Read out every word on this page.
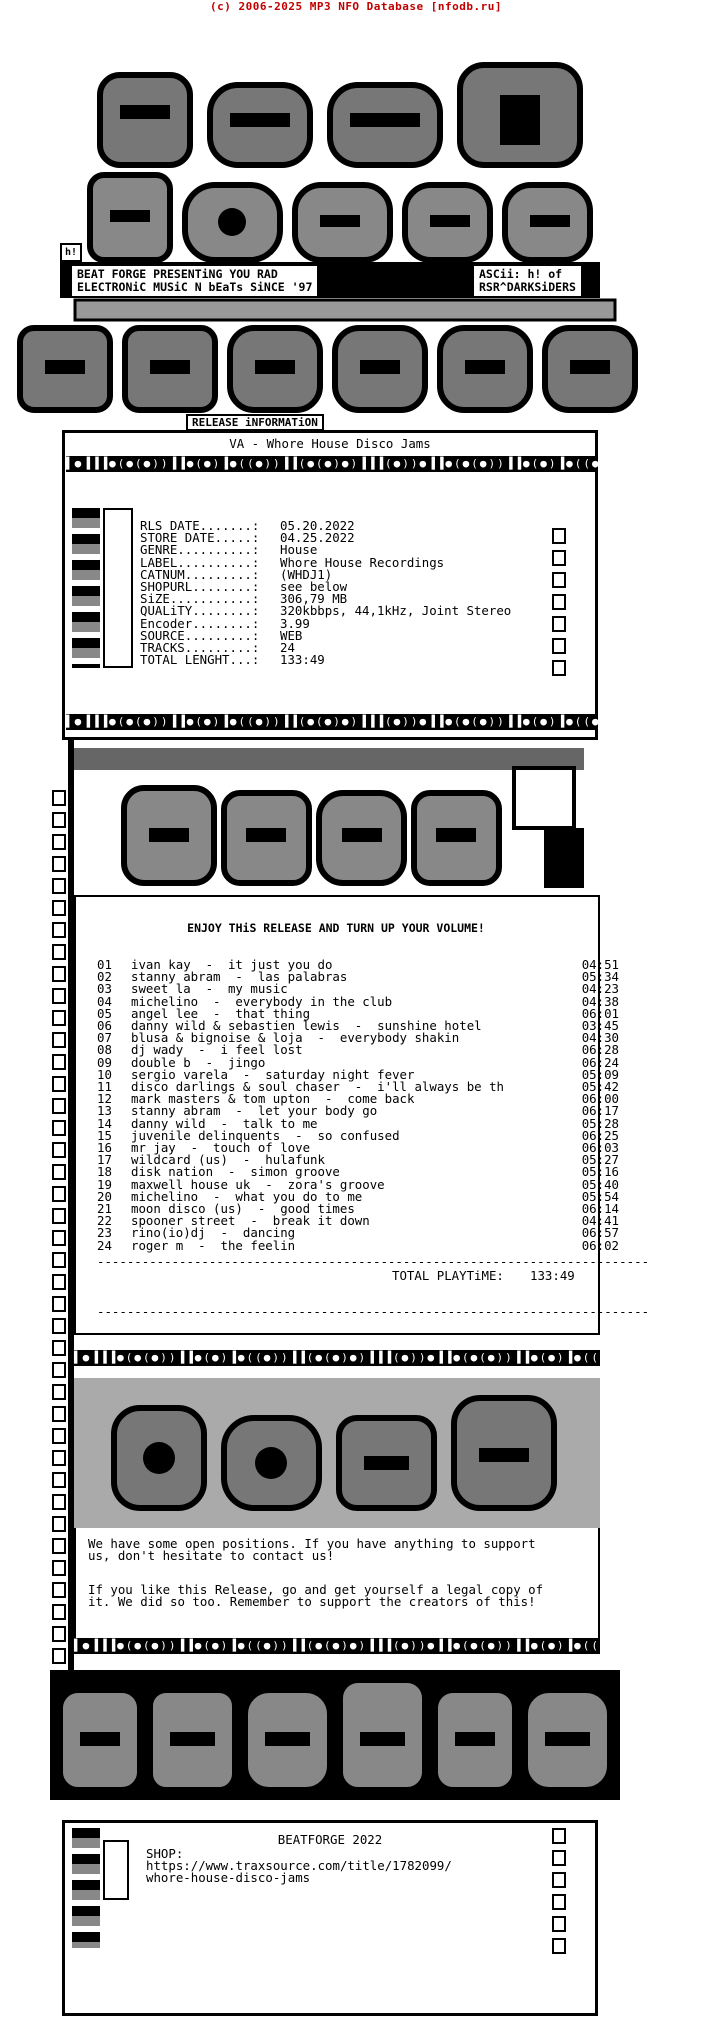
(c) 2006-2025 MP3 NFO Database [nfodb.ru]
h!
BEAT FORGE PRESENTiNG YOU RAD
ELECTRONiC MUSiC N bEaTs SiNCE '97
ASCii: h! of
RSR^DARKSiDERS
RELEASE iNFORMATiON
VA - Whore House Disco Jams
▌●▐▐▐●(●(●))▐▐●(●)▐●((●))▐▐(●(●)●)▐▐▐(●))●▐▐●(●(●))▐▐●(●)▐●((●))
RLS DATE.......: 05.20.2022
STORE DATE.....: 04.25.2022
GENRE..........: House
LABEL..........: Whore House Recordings
CATNUM.........: (WHDJ1)
SHOPURL........: see below
SiZE...........: 306,79 MB
QUALiTY........: 320kbbps, 44,1kHz, Joint Stereo
Encoder........: 3.99
SOURCE.........: WEB
TRACKS.........: 24
TOTAL LENGHT...: 133:49
▌●▐▐▐●(●(●))▐▐●(●)▐●((●))▐▐(●(●)●)▐▐▐(●))●▐▐●(●(●))▐▐●(●)▐●((●))
ENJOY THiS RELEASE AND TURN UP YOUR VOLUME!
01	ivan kay  -  it just you do	04:51
02	stanny abram  -  las palabras	05:34
03	sweet la  -  my music	04:23
04	michelino  -  everybody in the club	04:38
05	angel lee  -  that thing	06:01
06	danny wild & sebastien lewis  -  sunshine hotel	03:45
07	blusa & bignoise & loja  -  everybody shakin	04:30
08	dj wady  -  i feel lost	06:28
09	double b  -  jingo	06:24
10	sergio varela  -  saturday night fever	05:09
11	disco darlings & soul chaser  -  i'll always be th	05:42
12	mark masters & tom upton  -  come back	06:00
13	stanny abram  -  let your body go	06:17
14	danny wild  -  talk to me	05:28
15	juvenile delinquents  -  so confused	06:25
16	mr jay  -  touch of love	06:03
17	wildcard (us)  -  hulafunk	05:27
18	disk nation  -  simon groove	05:16
19	maxwell house uk  -  zora's groove	05:40
20	michelino  -  what you do to me	05:54
21	moon disco (us)  -  good times	06:14
22	spooner street  -  break it down	04:41
23	rino(io)dj  -  dancing	06:57
24	roger m  -  the feelin	06:02
--------------------------------------------------------------------------
TOTAL PLAYTiME: 133:49
--------------------------------------------------------------------------
▌●▐▐▐●(●(●))▐▐●(●)▐●((●))▐▐(●(●)●)▐▐▐(●))●▐▐●(●(●))▐▐●(●)▐●((●))
We have some open positions. If you have anything to support
us, don't hesitate to contact us!
If you like this Release, go and get yourself a legal copy of
it. We did so too. Remember to support the creators of this!
▌●▐▐▐●(●(●))▐▐●(●)▐●((●))▐▐(●(●)●)▐▐▐(●))●▐▐●(●(●))▐▐●(●)▐●((●))
BEATFORGE 2022
SHOP:
https://www.traxsource.com/title/1782099/
whore-house-disco-jams
